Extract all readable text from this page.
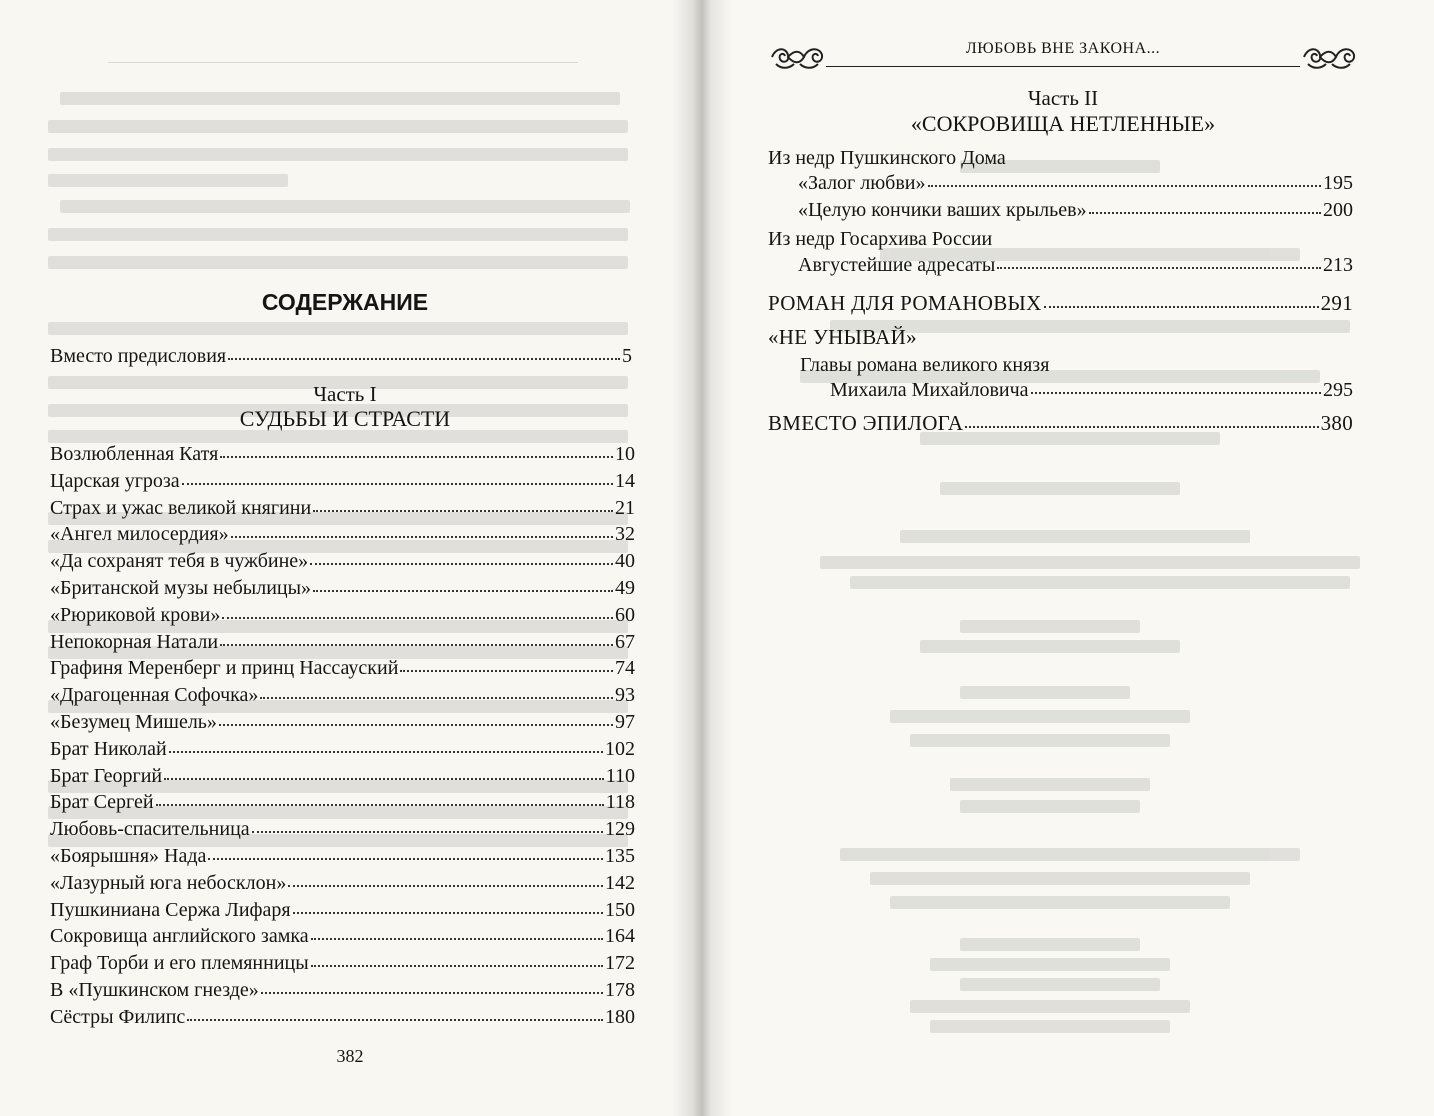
СОДЕРЖАНИЕ
Вместо предисловия	5
Часть I
СУДЬБЫ И СТРАСТИ
Возлюбленная Катя	10
Царская угроза	14
Страх и ужас великой княгини	21
«Ангел милосердия»	32
«Да сохранят тебя в чужбине»	40
«Британской музы небылицы»	49
«Рюриковой крови»	60
Непокорная Натали	67
Графиня Меренберг и принц Нассауский	74
«Драгоценная Софочка»	93
«Безумец Мишель»	97
Брат Николай	102
Брат Георгий	110
Брат Сергей	118
Любовь-спасительница	129
«Боярышня» Нада	135
«Лазурный юга небосклон»	142
Пушкиниана Сержа Лифаря	150
Сокровища английского замка	164
Граф Торби и его племянницы	172
В «Пушкинском гнезде»	178
Сёстры Филипс	180
382
ЛЮБОВЬ ВНЕ ЗАКОНА...
Часть II
«СОКРОВИЩА НЕТЛЕННЫЕ»
Из недр Пушкинского Дома
«Залог любви»	195
«Целую кончики ваших крыльев»	200
Из недр Госархива России
Августейшие адресаты	213
РОМАН ДЛЯ РОМАНОВЫХ	291
«НЕ УНЫВАЙ»
Главы романа великого князя
Михаила Михайловича	295
ВМЕСТО ЭПИЛОГА	380
